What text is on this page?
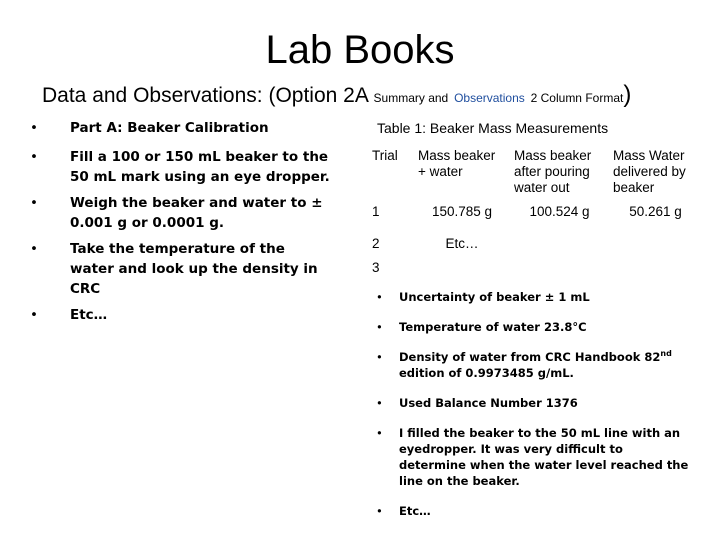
Lab Books
Data and Observations: (Option 2A Summary and Observations 2 Column Format)
• Part A: Beaker Calibration
• Fill a 100 or 150 mL beaker to the 50 mL mark using an eye dropper.
• Weigh the beaker and water to ± 0.001 g or 0.0001 g.
• Take the temperature of the water and look up the density in CRC
• Etc…
Table 1: Beaker Mass Measurements
Trial	Mass beaker + water	Mass beaker after pouring water out	Mass Water delivered by beaker
1	150.785 g	100.524 g	50.261 g
2	Etc…		
3			
• Uncertainty of beaker ± 1 mL
• Temperature of water 23.8°C
• Density of water from CRC Handbook 82nd edition of 0.9973485 g/mL.
• Used Balance Number 1376
• I filled the beaker to the 50 mL line with an eyedropper. It was very difficult to determine when the water level reached the line on the beaker.
• Etc…
